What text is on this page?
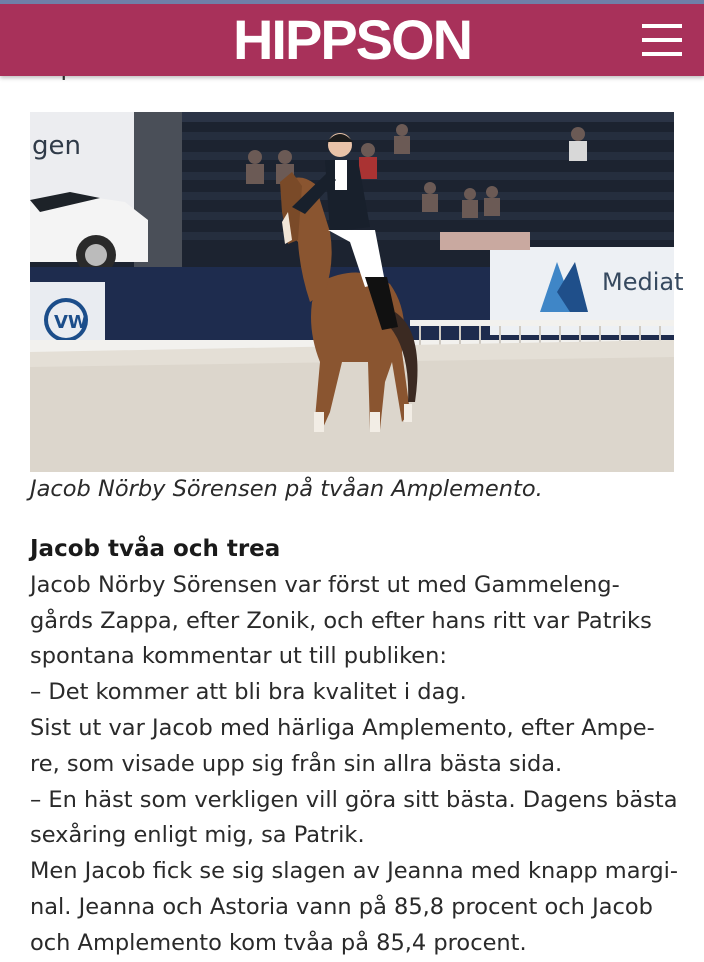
HIPPSON
gen
VW
Mediat
Jacob Nörby Sörensen på tvåan Amplemento.
Jacob tvåa och trea

Jacob Nörby Sörensen var först ut med Gammeleng-

gårds Zappa, efter Zonik, och efter hans ritt var Patriks

spontana kommentar ut till publiken:

– Det kommer att bli bra kvalitet i dag.

Sist ut var Jacob med härliga Amplemento, efter Ampe-

re, som visade upp sig från sin allra bästa sida.

– En häst som verkligen vill göra sitt bästa. Dagens bästa

sexåring enligt mig, sa Patrik.

Men Jacob fick se sig slagen av Jeanna med knapp margi-

nal. Jeanna och Astoria vann på 85,8 procent och Jacob

och Amplemento kom tvåa på 85,4 procent.
